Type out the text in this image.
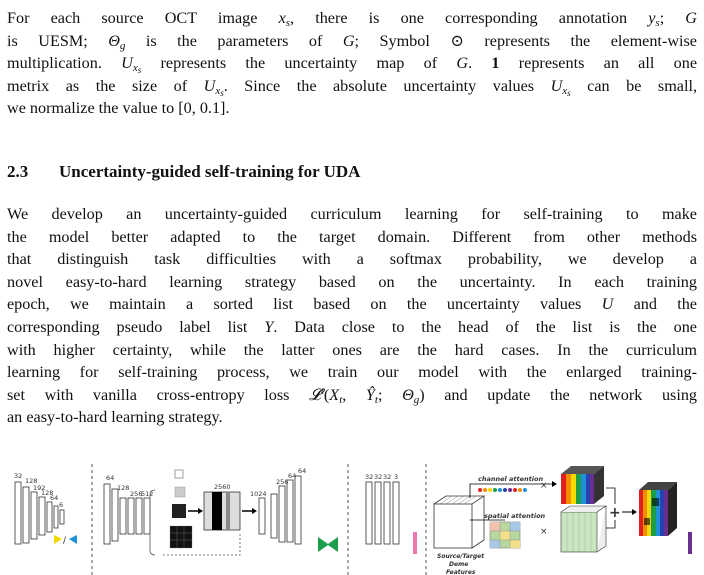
For each source OCT image $x_s$, there is one corresponding annotation $y_s$; G
is UESM; $\Theta_g$ is the parameters of G; Symbol ⊙ represents the element-wise
multiplication. $U_{x_s}$ represents the uncertainty map of G. 1 represents an all one
metrix as the size of $U_{x_s}$. Since the absolute uncertainty values $U_{x_s}$ can be small,
we normalize the value to [0, 0.1].
2.3 Uncertainty-guided self-training for UDA
We develop an uncertainty-guided curriculum learning for self-training to make
the model better adapted to the target domain. Different from other methods
that distinguish task difficulties with a softmax probability, we develop a
novel easy-to-hard learning strategy based on the uncertainty. In each training
epoch, we maintain a sorted list based on the uncertainty values U and the
corresponding pseudo label list Y. Data close to the head of the list is the one
with higher certainty, while the latter ones are the hard cases. In the curriculum
learning for self-training process, we train our model with the enlarged training-
set with vanilla cross-entropy loss $𝓛^t(X_t$, $Ŷ_t$; $\Theta_g$) and update the network using
an easy-to-hard learning strategy.
32
128
192
128
64
6
/
64
128
256
512
2560
1024
256
64
64
32 32 32 3
Source/Target
Deme
Features
channel attention
×
spatial attention
×
+
